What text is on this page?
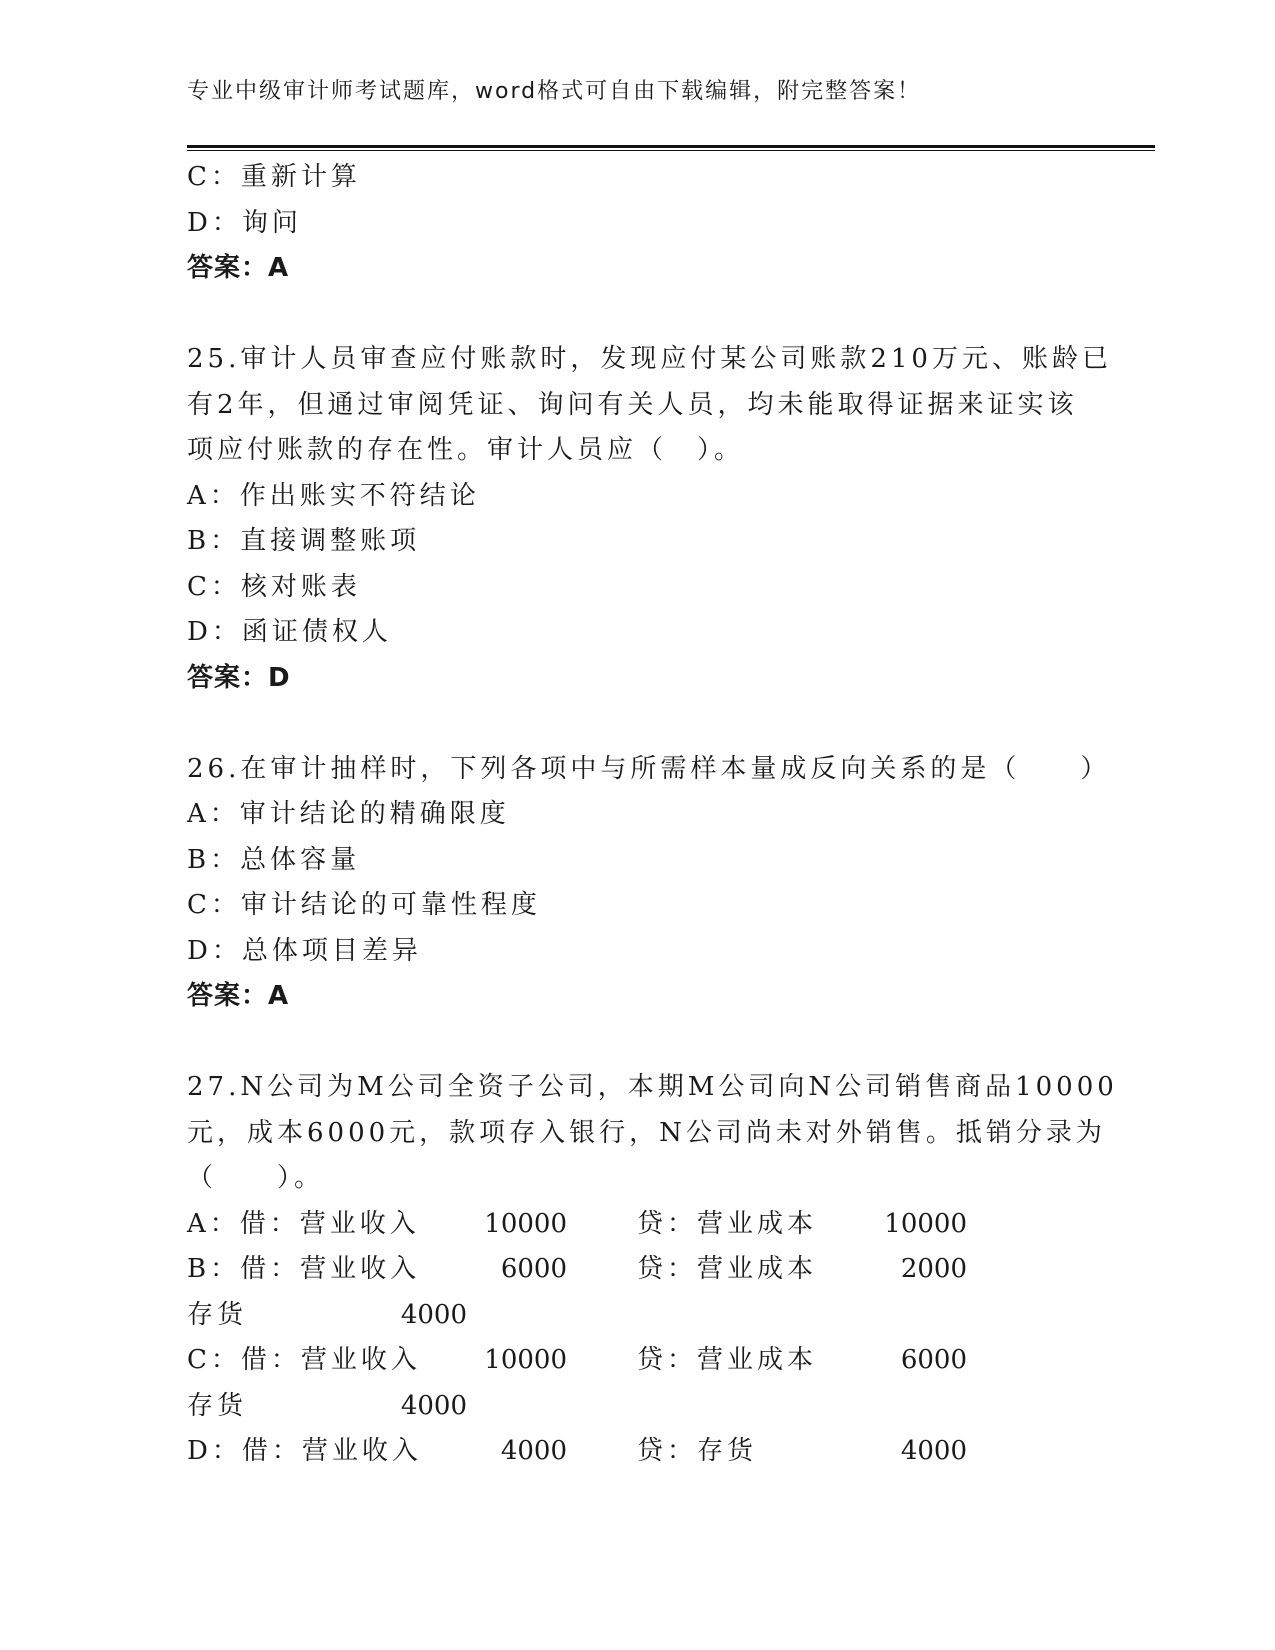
专业中级审计师考试题库，word格式可自由下载编辑，附完整答案！
C：重新计算
D：询问
答案：A
25.审计人员审查应付账款时，发现应付某公司账款210万元、账龄已
有2年，但通过审阅凭证、询问有关人员，均未能取得证据来证实该
项应付账款的存在性。审计人员应（　）。
A：作出账实不符结论
B：直接调整账项
C：核对账表
D：函证债权人
答案：D
26.在审计抽样时，下列各项中与所需样本量成反向关系的是（　　）
A：审计结论的精确限度
B：总体容量
C：审计结论的可靠性程度
D：总体项目差异
答案：A
27.N公司为M公司全资子公司，本期M公司向N公司销售商品10000
元，成本6000元，款项存入银行，N公司尚未对外销售。抵销分录为
（　　）。
A：借：营业收入 10000	贷：营业成本	10000
B：借：营业收入	6000	贷：营业成本	2000
存货	4000
C：借：营业收入 10000	贷：营业成本	6000
存货	4000
D：借：营业收入	4000	贷：存货	4000
